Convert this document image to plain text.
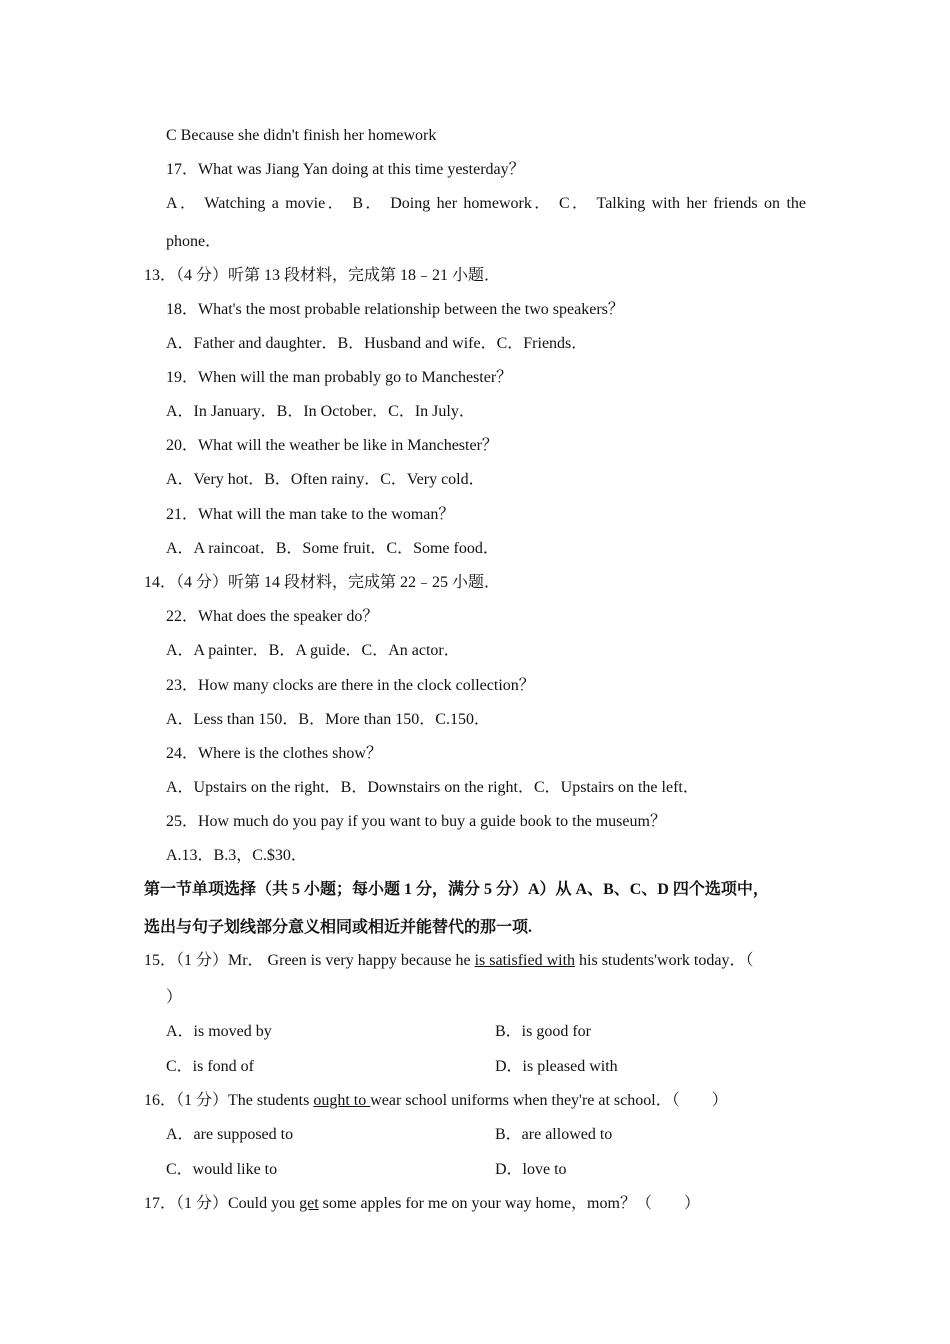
C Because she didn't finish her homework
17．What was Jiang Yan doing at this time yesterday？
A． Watching a movie． B． Doing her homework． C． Talking with her friends on the
phone．
13．（4 分）听第 13 段材料，完成第 18﹣21 小题．
18．What's the most probable relationship between the two speakers？
A．Father and daughter．B．Husband and wife．C．Friends．
19．When will the man probably go to Manchester？
A．In January．B．In October．C．In July．
20．What will the weather be like in Manchester？
A．Very hot．B．Often rainy．C．Very cold．
21．What will the man take to the woman？
A．A raincoat．B．Some fruit．C．Some food．
14．（4 分）听第 14 段材料，完成第 22﹣25 小题．
22．What does the speaker do？
A．A painter．B．A guide．C．An actor．
23．How many clocks are there in the clock collection？
A．Less than 150．B．More than 150．C.150．
24．Where is the clothes show？
A．Upstairs on the right．B．Downstairs on the right．C．Upstairs on the left．
25．How much do you pay if you want to buy a guide book to the museum？
A.13．B.3，C.$30．
第一节单项选择（共 5 小题；每小题 1 分，满分 5 分）A）从 A、B、C、D 四个选项中，
选出与句子划线部分意义相同或相近并能替代的那一项.
15．（1 分）Mr． Green is very happy because he is satisfied with his students'work today．（
）
A．is moved by	B．is good for
C．is fond of	D．is pleased with
16．（1 分）The students ought to wear school uniforms when they're at school．（　　）
A．are supposed to	B．are allowed to
C．would like to	D．love to
17．（1 分）Could you get some apples for me on your way home，mom？（　　）
